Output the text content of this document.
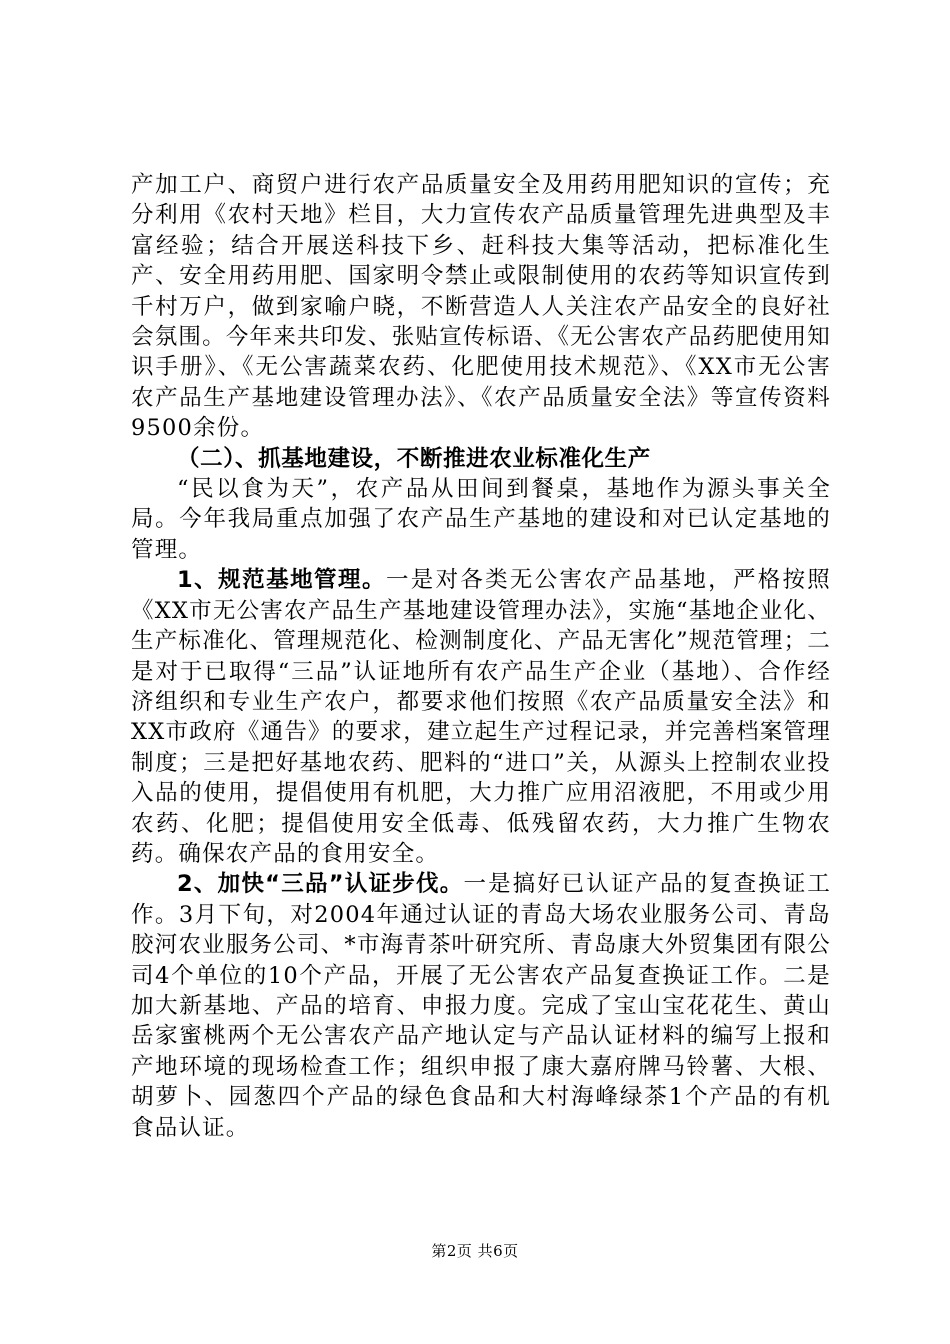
产加工户、商贸户进行农产品质量安全及用药用肥知识的宣传；充分利用《农村天地》栏目，大力宣传农产品质量管理先进典型及丰富经验；结合开展送科技下乡、赶科技大集等活动，把标准化生产、安全用药用肥、国家明令禁止或限制使用的农药等知识宣传到千村万户，做到家喻户晓，不断营造人人关注农产品安全的良好社会氛围。今年来共印发、张贴宣传标语、《无公害农产品药肥使用知识手册》、《无公害蔬菜农药、化肥使用技术规范》、《XX市无公害农产品生产基地建设管理办法》、《农产品质量安全法》等宣传资料9500余份。

（二）、抓基地建设，不断推进农业标准化生产

“民以食为天”，农产品从田间到餐桌，基地作为源头事关全局。今年我局重点加强了农产品生产基地的建设和对已认定基地的管理。

1、规范基地管理。一是对各类无公害农产品基地，严格按照《XX市无公害农产品生产基地建设管理办法》，实施“基地企业化、生产标准化、管理规范化、检测制度化、产品无害化”规范管理；二是对于已取得“三品”认证地所有农产品生产企业（基地）、合作经济组织和专业生产农户，都要求他们按照《农产品质量安全法》和XX市政府《通告》的要求，建立起生产过程记录，并完善档案管理制度；三是把好基地农药、肥料的“进口”关，从源头上控制农业投入品的使用，提倡使用有机肥，大力推广应用沼液肥，不用或少用农药、化肥；提倡使用安全低毒、低残留农药，大力推广生物农药。确保农产品的食用安全。

2、加快“三品”认证步伐。一是搞好已认证产品的复查换证工作。3月下旬，对2004年通过认证的青岛大场农业服务公司、青岛胶河农业服务公司、*市海青茶叶研究所、青岛康大外贸集团有限公司4个单位的10个产品，开展了无公害农产品复查换证工作。二是加大新基地、产品的培育、申报力度。完成了宝山宝花花生、黄山岳家蜜桃两个无公害农产品产地认定与产品认证材料的编写上报和产地环境的现场检查工作；组织申报了康大嘉府牌马铃薯、大根、胡萝卜、园葱四个产品的绿色食品和大村海峰绿茶1个产品的有机食品认证。

第2页 共6页
